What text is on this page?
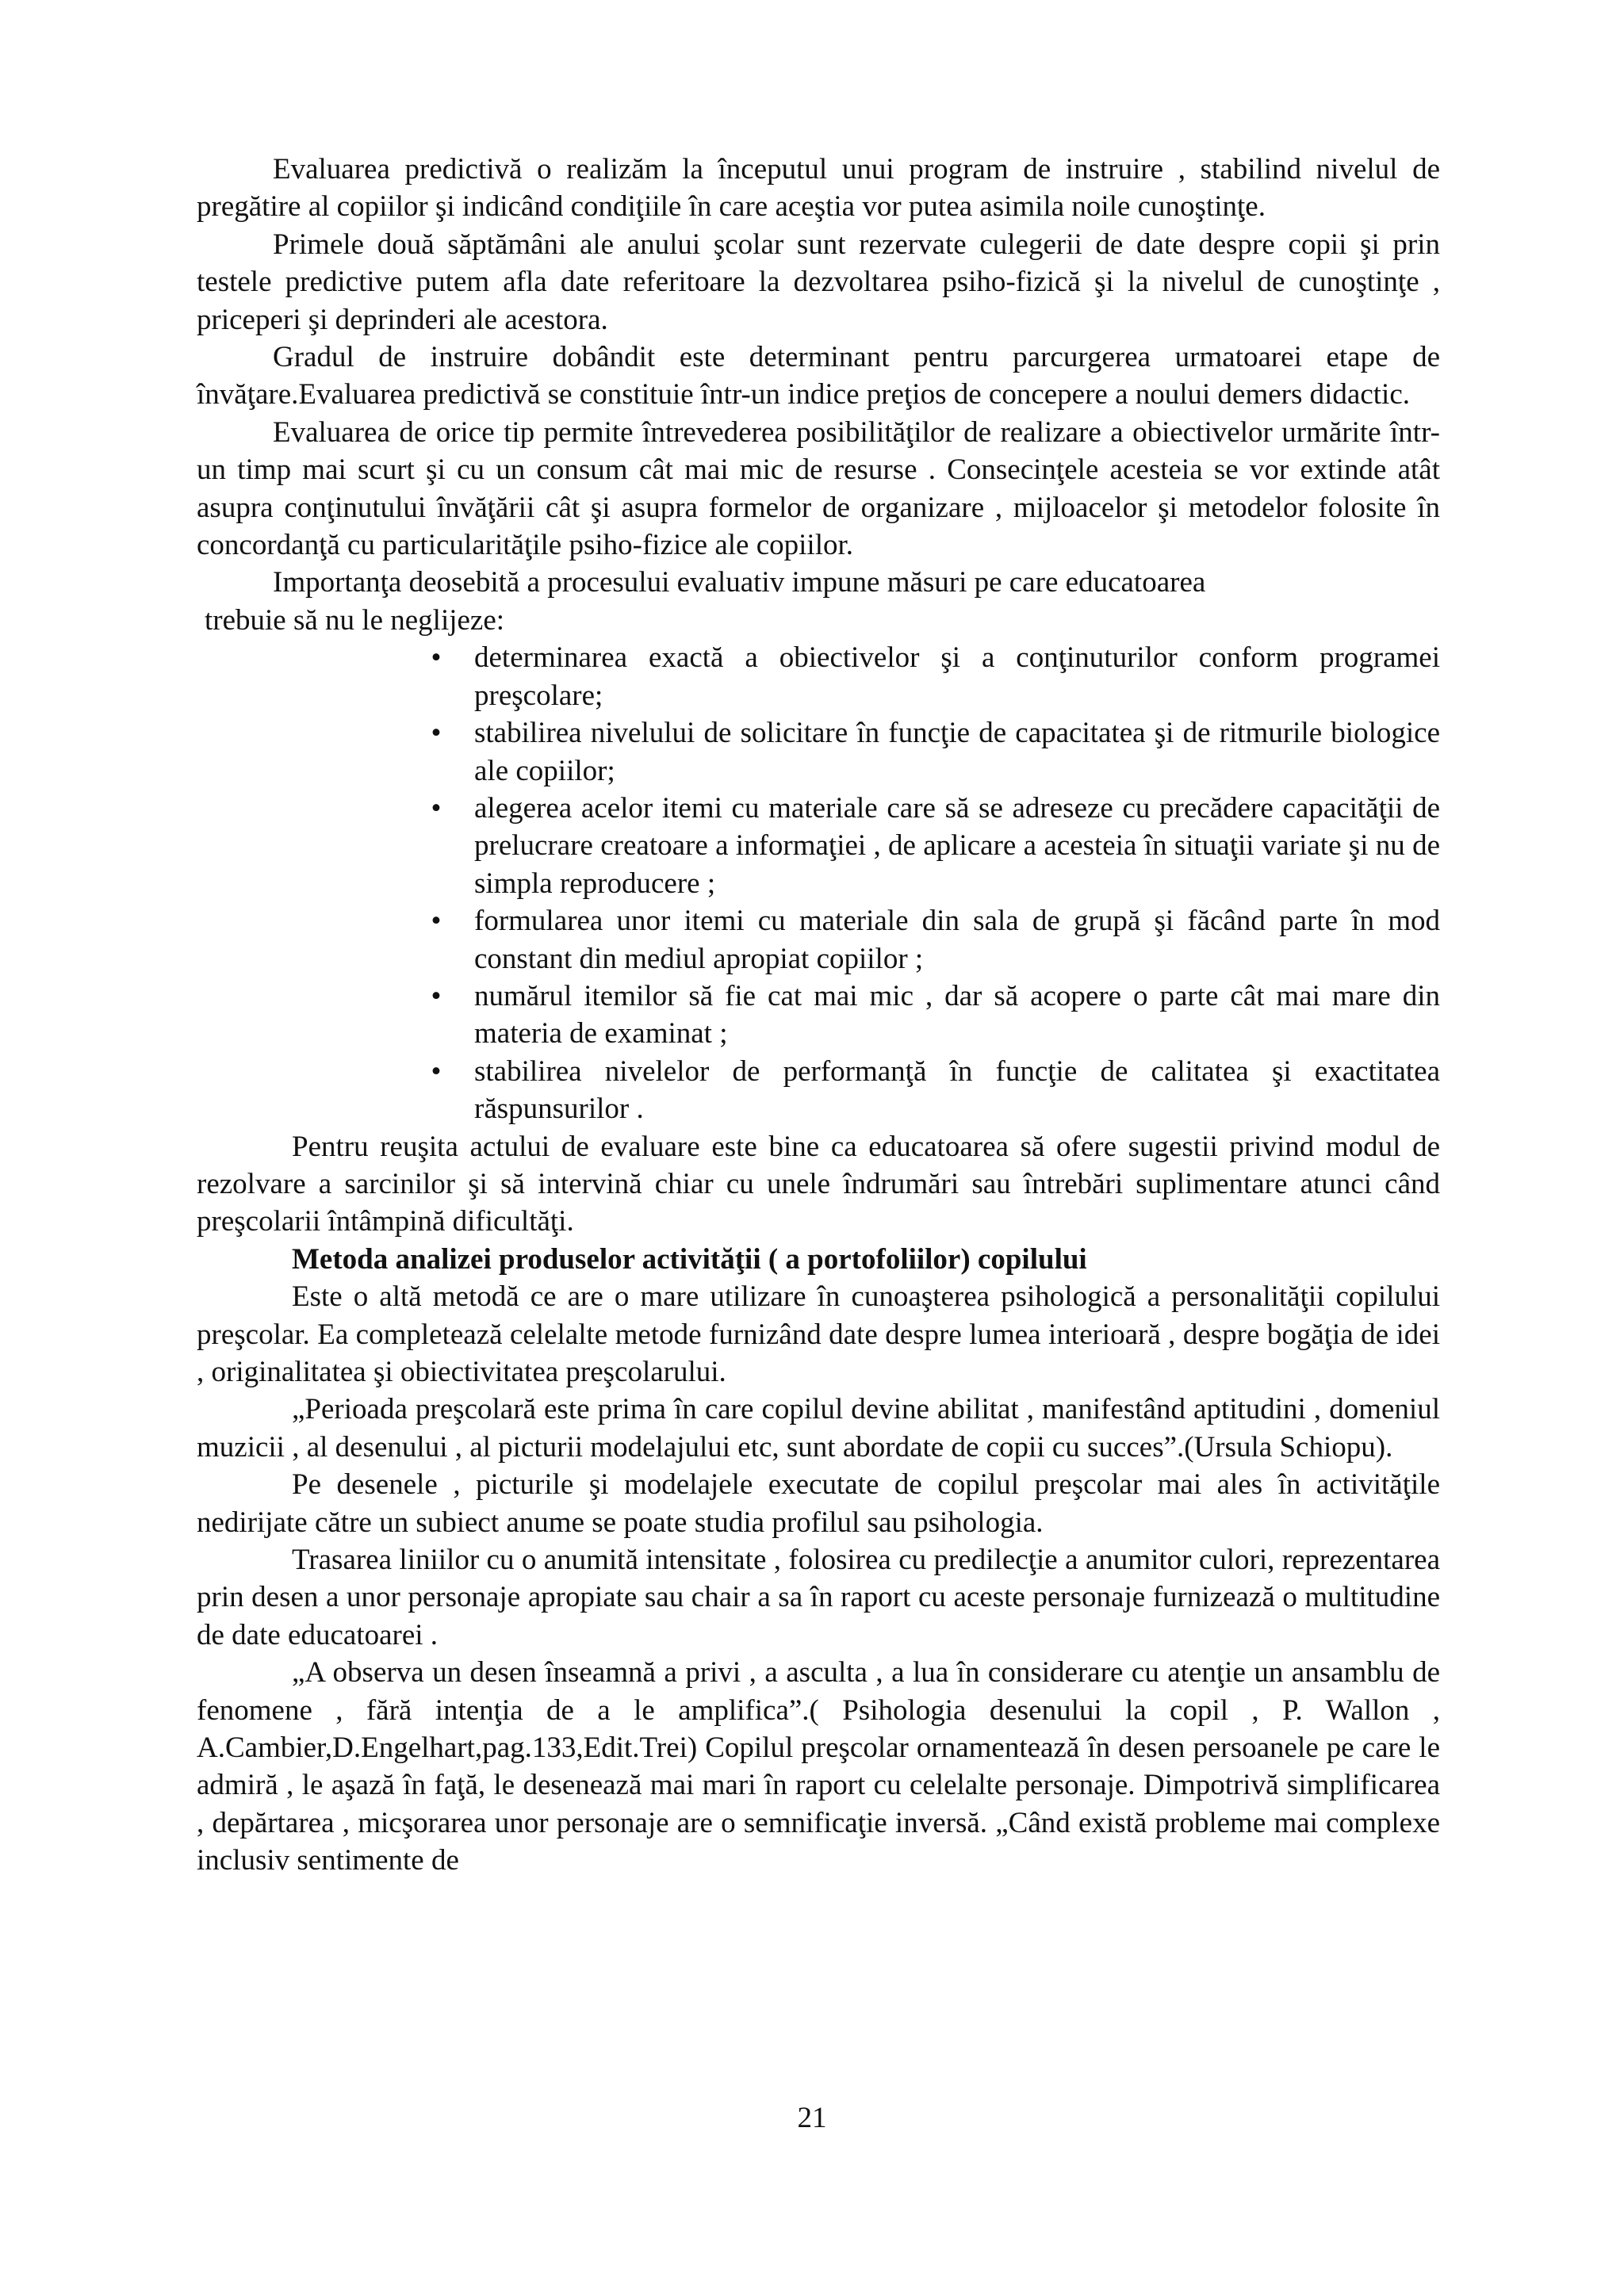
Evaluarea predictivă o realizăm la începutul unui program de instruire , stabilind nivelul de pregătire al copiilor şi indicând condiţiile în care aceştia vor putea asimila noile cunoştinţe.

Primele două săptămâni ale anului şcolar sunt rezervate culegerii de date despre copii şi prin testele predictive putem afla date referitoare la dezvoltarea psiho-fizică şi la nivelul de cunoştinţe , priceperi şi deprinderi ale acestora.

Gradul de instruire dobândit este determinant pentru parcurgerea urmatoarei etape de învăţare.Evaluarea predictivă se constituie într-un indice preţios de concepere a noului demers didactic.

Evaluarea de orice tip permite întrevederea posibilităţilor de realizare a obiectivelor urmărite într-un timp mai scurt şi cu un consum cât mai mic de resurse . Consecinţele acesteia se vor extinde atât asupra conţinutului învăţării cât şi asupra formelor de organizare , mijloacelor şi metodelor folosite în concordanţă cu particularităţile psiho-fizice ale copiilor.

Importanţa deosebită a procesului evaluativ impune măsuri pe care educatoarea

trebuie să nu le neglijeze:

• determinarea exactă a obiectivelor şi a conţinuturilor conform programei preşcolare;
• stabilirea nivelului de solicitare în funcţie de capacitatea şi de ritmurile biologice ale copiilor;
• alegerea acelor itemi cu materiale care să se adreseze cu precădere capacităţii de prelucrare creatoare a informaţiei , de aplicare a acesteia în situaţii variate şi nu de simpla reproducere ;
• formularea unor itemi cu materiale din sala de grupă şi făcând parte în mod constant din mediul apropiat copiilor ;
• numărul itemilor să fie cat mai mic , dar să acopere o parte cât mai mare din materia de examinat ;
• stabilirea nivelelor de performanţă în funcţie de calitatea şi exactitatea răspunsurilor .

Pentru reuşita actului de evaluare este bine ca educatoarea să ofere sugestii privind modul de rezolvare a sarcinilor şi să intervină chiar cu unele îndrumări sau întrebări suplimentare atunci când preşcolarii întâmpină dificultăţi.

Metoda analizei produselor activităţii ( a portofoliilor) copilului

Este o altă metodă ce are o mare utilizare în cunoaşterea psihologică a personalităţii copilului preşcolar. Ea completează celelalte metode furnizând date despre lumea interioară , despre bogăţia de idei , originalitatea şi obiectivitatea preşcolarului.

„Perioada preşcolară este prima în care copilul devine abilitat , manifestând aptitudini , domeniul muzicii , al desenului , al picturii modelajului etc, sunt abordate de copii cu succes”.(Ursula Schiopu).

Pe desenele , picturile şi modelajele executate de copilul preşcolar mai ales în activităţile nedirijate către un subiect anume se poate studia profilul sau psihologia.

Trasarea liniilor cu o anumită intensitate , folosirea cu predilecţie a anumitor culori, reprezentarea prin desen a unor personaje apropiate sau chair a sa în raport cu aceste personaje furnizează o multitudine de date educatoarei .

„A observa un desen înseamnă a privi , a asculta , a lua în considerare cu atenţie un ansamblu de fenomene , fără intenţia de a le amplifica”.( Psihologia desenului la copil , P. Wallon , A.Cambier,D.Engelhart,pag.133,Edit.Trei) Copilul preşcolar ornamentează în desen persoanele pe care le admiră , le aşază în faţă, le desenează mai mari în raport cu celelalte personaje. Dimpotrivă simplificarea , depărtarea , micşorarea unor personaje are o semnificaţie inversă. „Când există probleme mai complexe inclusiv sentimente de

21
